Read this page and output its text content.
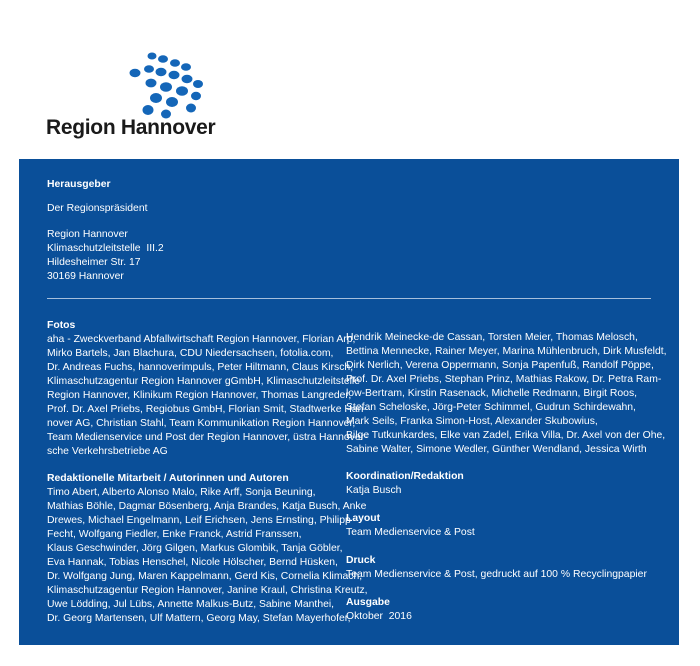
Region Hannover
Herausgeber
Der Regionspräsident
Region Hannover
Klimaschutzleitstelle  III.2
Hildesheimer Str. 17
30169 Hannover
Fotos
aha - Zweckverband Abfallwirtschaft Region Hannover, Florian Arp,
Mirko Bartels, Jan Blachura, CDU Niedersachsen, fotolia.com,
Dr. Andreas Fuchs, hannoverimpuls, Peter Hiltmann, Claus Kirsch,
Klimaschutzagentur Region Hannover gGmbH, Klimaschutzleitstelle
Region Hannover, Klinikum Region Hannover, Thomas Langreder,
Prof. Dr. Axel Priebs, Regiobus GmbH, Florian Smit, Stadtwerke Han-
nover AG, Christian Stahl, Team Kommunikation Region Hannover,
Team Medienservice und Post der Region Hannover, üstra Hannover-
sche Verkehrsbetriebe AG
Redaktionelle Mitarbeit / Autorinnen und Autoren
Timo Abert, Alberto Alonso Malo, Rike Arff, Sonja Beuning,
Mathias Böhle, Dagmar Bösenberg, Anja Brandes, Katja Busch, Anke
Drewes, Michael Engelmann, Leif Erichsen, Jens Ernsting, Philipp
Fecht, Wolfgang Fiedler, Enke Franck, Astrid Franssen,
Klaus Geschwinder, Jörg Gilgen, Markus Glombik, Tanja Göbler,
Eva Hannak, Tobias Henschel, Nicole Hölscher, Bernd Hüsken,
Dr. Wolfgang Jung, Maren Kappelmann, Gerd Kis, Cornelia Klimach,
Klimaschutzagentur Region Hannover, Janine Kraul, Christina Kreutz,
Uwe Lödding, Jul Lübs, Annette Malkus-Butz, Sabine Manthei,
Dr. Georg Martensen, Ulf Mattern, Georg May, Stefan Mayerhofer,
Hendrik Meinecke-de Cassan, Torsten Meier, Thomas Melosch,
Bettina Mennecke, Rainer Meyer, Marina Mühlenbruch, Dirk Musfeldt,
Dirk Nerlich, Verena Oppermann, Sonja Papenfuß, Randolf Pöppe,
Prof. Dr. Axel Priebs, Stephan Prinz, Mathias Rakow, Dr. Petra Ram-
low-Bertram, Kirstin Rasenack, Michelle Redmann, Birgit Roos,
Stefan Scheloske, Jörg-Peter Schimmel, Gudrun Schirdewahn,
Mark Seils, Franka Simon-Host, Alexander Skubowius,
Bilge Tutkunkardes, Elke van Zadel, Erika Villa, Dr. Axel von der Ohe,
Sabine Walter, Simone Wedler, Günther Wendland, Jessica Wirth
Koordination/Redaktion
Katja Busch
Layout
Team Medienservice & Post
Druck
Team Medienservice & Post, gedruckt auf 100 % Recyclingpapier
Ausgabe
Oktober  2016
